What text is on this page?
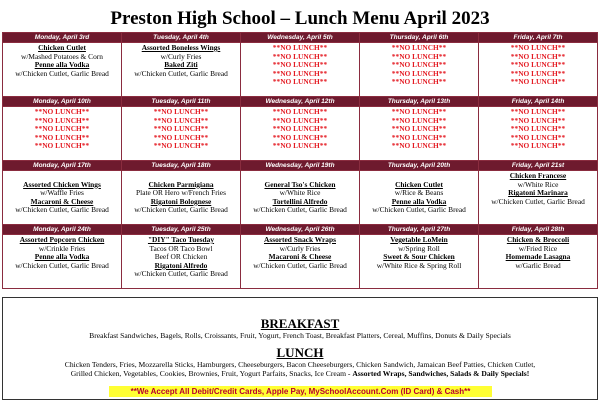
Preston High School – Lunch Menu April 2023
Monday, April 3rd	Tuesday, April 4th	Wednesday, April 5th	Thursday, April 6th	Friday, April 7th

Chicken Cutlet
w/Mashed Potatoes & Corn
Penne alla Vodka
w/Chicken Cutlet, Garlic Bread	Assorted Boneless Wings
w/Curly Fries
Baked Ziti
w/Chicken Cutlet, Garlic Bread	**NO LUNCH**
**NO LUNCH**
**NO LUNCH**
**NO LUNCH**
**NO LUNCH**	**NO LUNCH**
**NO LUNCH**
**NO LUNCH**
**NO LUNCH**
**NO LUNCH**	**NO LUNCH**
**NO LUNCH**
**NO LUNCH**
**NO LUNCH**
**NO LUNCH**

Monday, April 10th	Tuesday, April 11th	Wednesday, April 12th	Thursday, April 13th	Friday, April 14th

**NO LUNCH**
**NO LUNCH**
**NO LUNCH**
**NO LUNCH**
**NO LUNCH**	**NO LUNCH**
**NO LUNCH**
**NO LUNCH**
**NO LUNCH**
**NO LUNCH**	**NO LUNCH**
**NO LUNCH**
**NO LUNCH**
**NO LUNCH**
**NO LUNCH**	**NO LUNCH**
**NO LUNCH**
**NO LUNCH**
**NO LUNCH**
**NO LUNCH**	**NO LUNCH**
**NO LUNCH**
**NO LUNCH**
**NO LUNCH**
**NO LUNCH**

Monday, April 17th	Tuesday, April 18th	Wednesday, April 19th	Thursday, April 20th	Friday, April 21st

Assorted Chicken Wings
w/Waffle Fries
Macaroni & Cheese
w/Chicken Cutlet, Garlic Bread	Chicken Parmigiana
Plate OR Hero w/French Fries
Rigatoni Bolognese
w/Chicken Cutlet, Garlic Bread	General Tso's Chicken
w/White Rice
Tortellini Alfredo
w/Chicken Cutlet, Garlic Bread	Chicken Cutlet
w/Rice & Beans
Penne alla Vodka
w/Chicken Cutlet, Garlic Bread	Chicken Francese
w/White Rice
Rigatoni Marinara
w/Chicken Cutlet, Garlic Bread

Monday, April 24th	Tuesday, April 25th	Wednesday, April 26th	Thursday, April 27th	Friday, April 28th

Assorted Popcorn Chicken
w/Crinkle Fries
Penne alla Vodka
w/Chicken Cutlet, Garlic Bread	"DIY" Taco Tuesday
Tacos OR Taco Bowl
Beef OR Chicken
Rigatoni Alfredo
w/Chicken Cutlet, Garlic Bread	Assorted Snack Wraps
w/Curly Fries
Macaroni & Cheese
w/Chicken Cutlet, Garlic Bread	Vegetable LoMein
w/Spring Roll
Sweet & Sour Chicken
w/White Rice & Spring Roll	Chicken & Broccoli
w/Fried Rice
Homemade Lasagna
w/Garlic Bread
BREAKFAST
Breakfast Sandwiches, Bagels, Rolls, Croissants, Fruit, Yogurt, French Toast, Breakfast Platters, Cereal, Muffins, Donuts & Daily Specials
LUNCH
Chicken Tenders, Fries, Mozzarella Sticks, Hamburgers, Cheeseburgers, Bacon Cheeseburgers, Chicken Sandwich, Jamaican Beef Patties, Chicken Cutlet,
Grilled Chicken, Vegetables, Cookies, Brownies, Fruit, Yogurt Parfaits, Snacks, Ice Cream - Assorted Wraps, Sandwiches, Salads & Daily Specials!
**We Accept All Debit/Credit Cards, Apple Pay, MySchoolAccount.Com (ID Card) & Cash**
